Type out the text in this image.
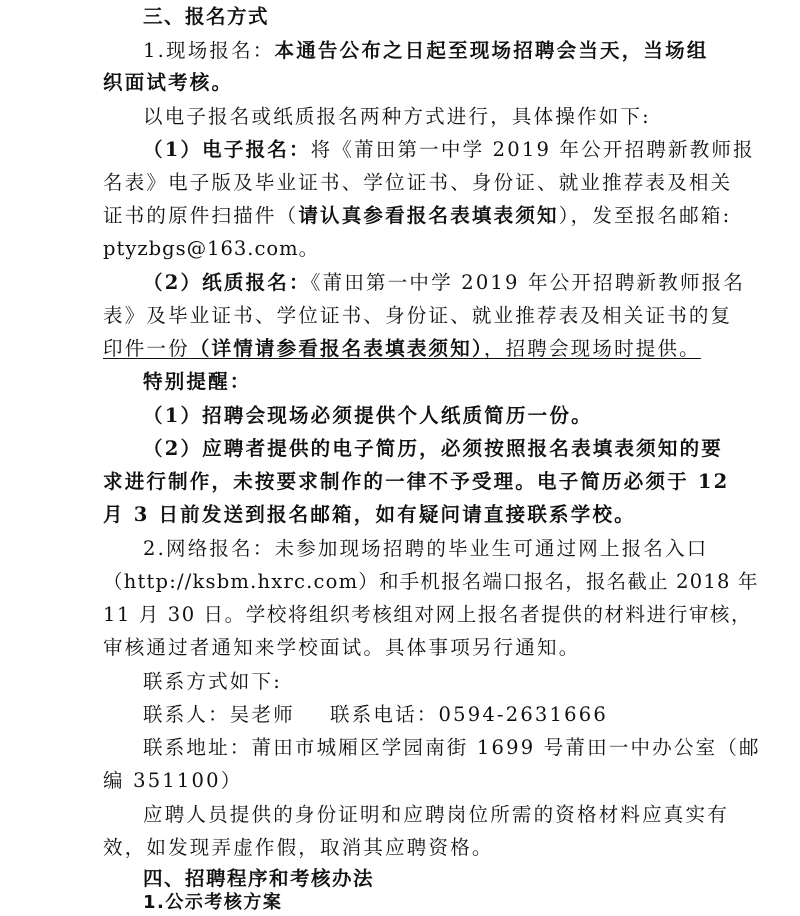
三、报名方式
1.现场报名：本通告公布之日起至现场招聘会当天，当场组
织面试考核。
以电子报名或纸质报名两种方式进行，具体操作如下:
（1）电子报名：将《莆田第一中学 2019 年公开招聘新教师报
名表》电子版及毕业证书、学位证书、身份证、就业推荐表及相关
证书的原件扫描件（请认真参看报名表填表须知），发至报名邮箱:
ptyzbgs@163.com。
（2）纸质报名：《莆田第一中学 2019 年公开招聘新教师报名
表》及毕业证书、学位证书、身份证、就业推荐表及相关证书的复
印件一份（详情请参看报名表填表须知），招聘会现场时提供。
特别提醒：
（1）招聘会现场必须提供个人纸质简历一份。
（2）应聘者提供的电子简历，必须按照报名表填表须知的要
求进行制作，未按要求制作的一律不予受理。电子简历必须于 12
月 3 日前发送到报名邮箱，如有疑问请直接联系学校。
2.网络报名：未参加现场招聘的毕业生可通过网上报名入口
（http://ksbm.hxrc.com）和手机报名端口报名，报名截止 2018 年
11 月 30 日。学校将组织考核组对网上报名者提供的材料进行审核，
审核通过者通知来学校面试。具体事项另行通知。
联系方式如下:
联系人：吴老师 联系电话：0594-2631666
联系地址：莆田市城厢区学园南街 1699 号莆田一中办公室（邮
编 351100）
应聘人员提供的身份证明和应聘岗位所需的资格材料应真实有
效，如发现弄虚作假，取消其应聘资格。
四、招聘程序和考核办法
1.公示考核方案
